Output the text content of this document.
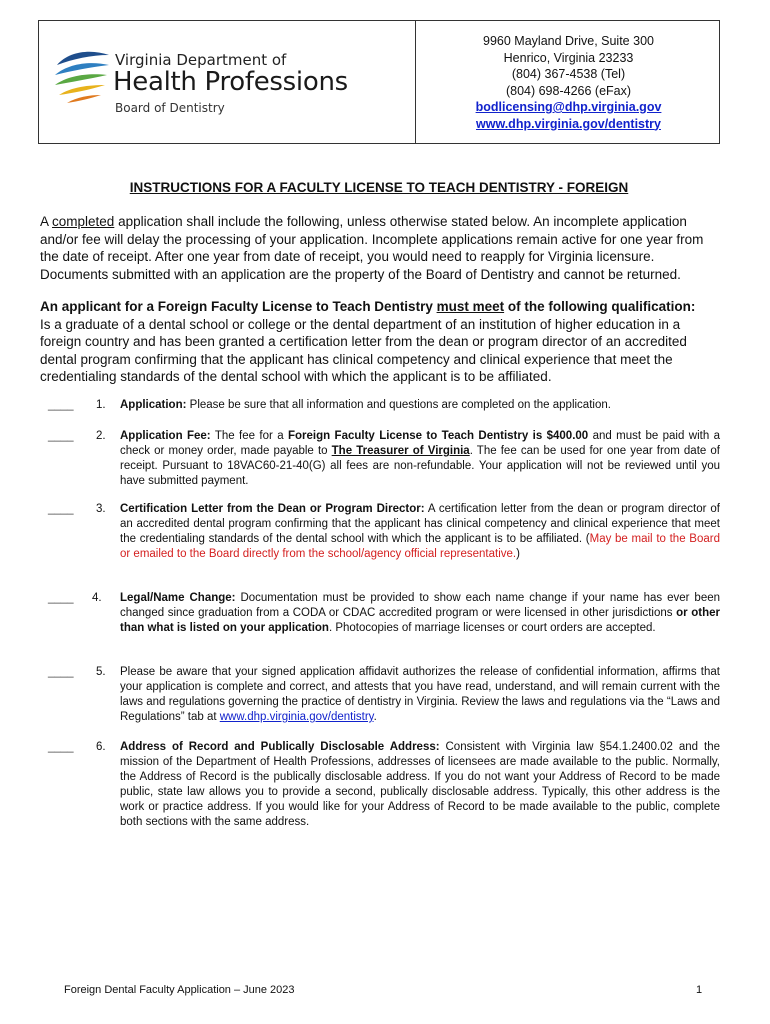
Virginia Department of
Health Professions
Board of Dentistry
9960 Mayland Drive, Suite 300
Henrico, Virginia 23233
(804) 367-4538 (Tel)
(804) 698-4266 (eFax)
bodlicensing@dhp.virginia.gov
www.dhp.virginia.gov/dentistry
INSTRUCTIONS FOR A FACULTY LICENSE TO TEACH DENTISTRY - FOREIGN

A completed application shall include the following, unless otherwise stated below. An incomplete application and/or fee will delay the processing of your application. Incomplete applications remain active for one year from the date of receipt. After one year from date of receipt, you would need to reapply for Virginia licensure. Documents submitted with an application are the property of the Board of Dentistry and cannot be returned.

An applicant for a Foreign Faculty License to Teach Dentistry must meet of the following qualification:
Is a graduate of a dental school or college or the dental department of an institution of higher education in a foreign country and has been granted a certification letter from the dean or program director of an accredited dental program confirming that the applicant has clinical competency and clinical experience that meet the credentialing standards of the dental school with which the applicant is to be affiliated.

____ 1. Application: Please be sure that all information and questions are completed on the application.
____ 2. Application Fee: The fee for a Foreign Faculty License to Teach Dentistry is $400.00 and must be paid with a check or money order, made payable to The Treasurer of Virginia. The fee can be used for one year from date of receipt. Pursuant to 18VAC60-21-40(G) all fees are non-refundable. Your application will not be reviewed until you have submitted payment.
____ 3. Certification Letter from the Dean or Program Director: A certification letter from the dean or program director of an accredited dental program confirming that the applicant has clinical competency and clinical experience that meet the credentialing standards of the dental school with which the applicant is to be affiliated. (May be mail to the Board or emailed to the Board directly from the school/agency official representative.)
____ 4. Legal/Name Change: Documentation must be provided to show each name change if your name has ever been changed since graduation from a CODA or CDAC accredited program or were licensed in other jurisdictions or other than what is listed on your application. Photocopies of marriage licenses or court orders are accepted.
____ 5. Please be aware that your signed application affidavit authorizes the release of confidential information, affirms that your application is complete and correct, and attests that you have read, understand, and will remain current with the laws and regulations governing the practice of dentistry in Virginia. Review the laws and regulations via the “Laws and Regulations” tab at www.dhp.virginia.gov/dentistry.
____ 6. Address of Record and Publically Disclosable Address: Consistent with Virginia law §54.1.2400.02 and the mission of the Department of Health Professions, addresses of licensees are made available to the public. Normally, the Address of Record is the publically disclosable address. If you do not want your Address of Record to be made public, state law allows you to provide a second, publically disclosable address. Typically, this other address is the work or practice address. If you would like for your Address of Record to be made available to the public, complete both sections with the same address.
Foreign Dental Faculty Application – June 2023	1
